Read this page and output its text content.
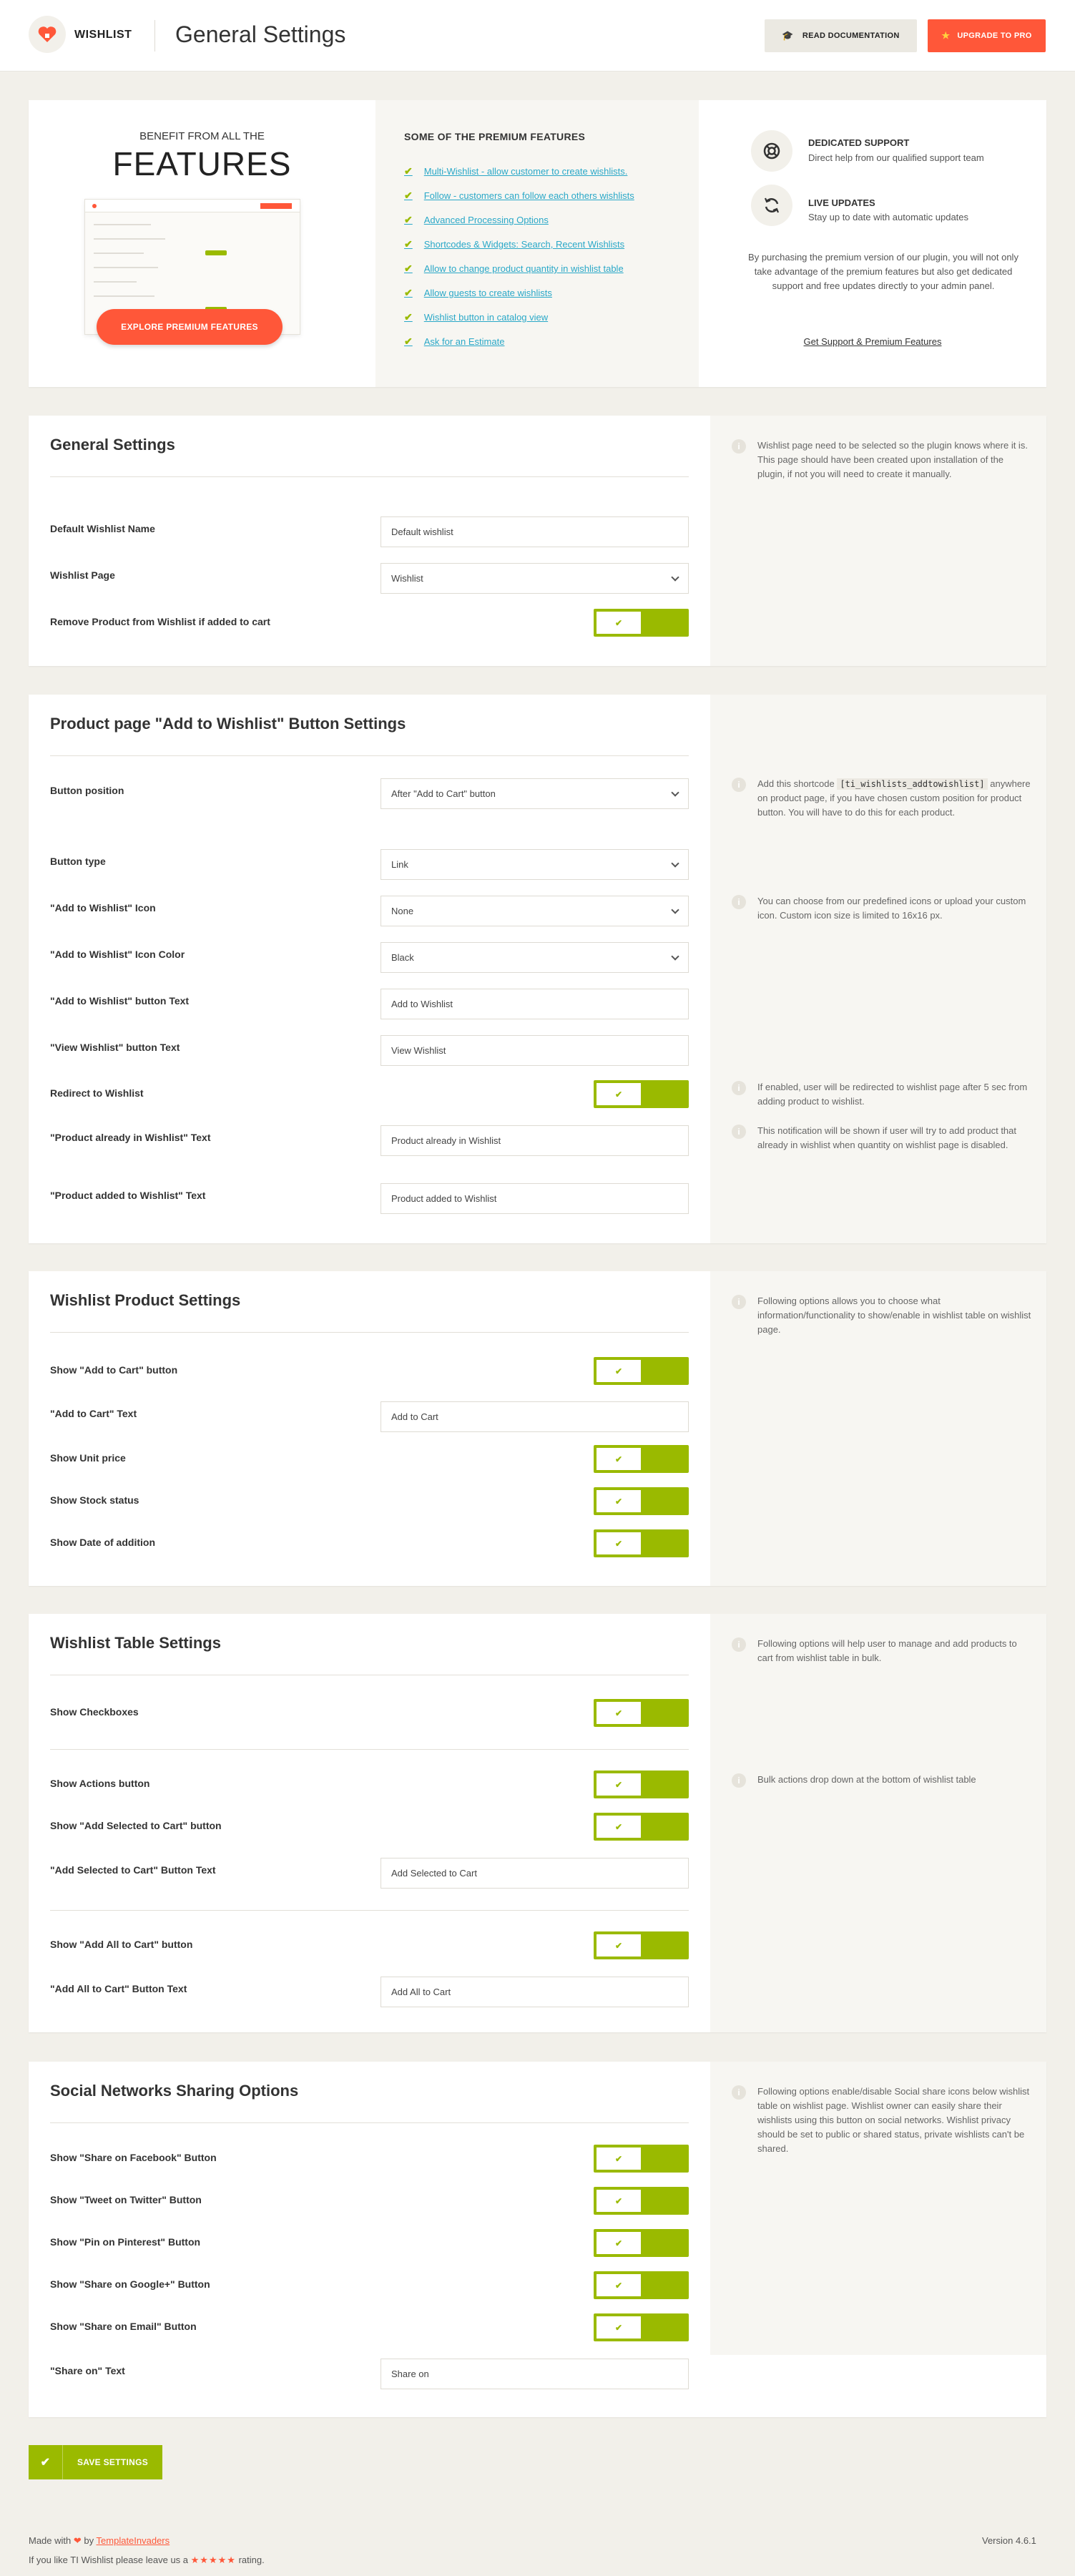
WISHLIST General Settings	🎓 READ DOCUMENTATION	★ UPGRADE TO PRO
BENEFIT FROM ALL THE
FEATURES
EXPLORE PREMIUM FEATURES
SOME OF THE PREMIUM FEATURES
✔ Multi-Wishlist - allow customer to create wishlists.
✔ Follow - customers can follow each others wishlists
✔ Advanced Processing Options
✔ Shortcodes & Widgets: Search, Recent Wishlists
✔ Allow to change product quantity in wishlist table
✔ Allow guests to create wishlists
✔ Wishlist button in catalog view
✔ Ask for an Estimate
DEDICATED SUPPORT
Direct help from our qualified support team
LIVE UPDATES
Stay up to date with automatic updates
By purchasing the premium version of our plugin, you will not only take advantage of the premium features but also get dedicated support and free updates directly to your admin panel.
Get Support & Premium Features
General Settings
Default Wishlist Name	Default wishlist
Wishlist Page	Wishlist
Remove Product from Wishlist if added to cart	✔
i	Wishlist page need to be selected so the plugin knows where it is. This page should have been created upon installation of the plugin, if not you will need to create it manually.
Product page "Add to Wishlist" Button Settings
Button position	After "Add to Cart" button
Button type	Link
"Add to Wishlist" Icon	None
"Add to Wishlist" Icon Color	Black
"Add to Wishlist" button Text	Add to Wishlist
"View Wishlist" button Text	View Wishlist
Redirect to Wishlist	✔
"Product already in Wishlist" Text	Product already in Wishlist
"Product added to Wishlist" Text	Product added to Wishlist
i	Add this shortcode [ti_wishlists_addtowishlist] anywhere on product page, if you have chosen custom position for product button. You will have to do this for each product.
i	You can choose from our predefined icons or upload your custom icon. Custom icon size is limited to 16x16 px.
i	If enabled, user will be redirected to wishlist page after 5 sec from adding product to wishlist.
i	This notification will be shown if user will try to add product that already in wishlist when quantity on wishlist page is disabled.
Wishlist Product Settings
Show "Add to Cart" button	✔
"Add to Cart" Text	Add to Cart
Show Unit price	✔
Show Stock status	✔
Show Date of addition	✔
i	Following options allows you to choose what information/functionality to show/enable in wishlist table on wishlist page.
Wishlist Table Settings
Show Checkboxes	✔
Show Actions button	✔
Show "Add Selected to Cart" button	✔
"Add Selected to Cart" Button Text	Add Selected to Cart
Show "Add All to Cart" button	✔
"Add All to Cart" Button Text	Add All to Cart
i	Following options will help user to manage and add products to cart from wishlist table in bulk.
i	Bulk actions drop down at the bottom of wishlist table
Social Networks Sharing Options
Show "Share on Facebook" Button	✔
Show "Tweet on Twitter" Button	✔
Show "Pin on Pinterest" Button	✔
Show "Share on Google+" Button	✔
Show "Share on Email" Button	✔
"Share on" Text	Share on
i	Following options enable/disable Social share icons below wishlist table on wishlist page. Wishlist owner can easily share their wishlists using this button on social networks. Wishlist privacy should be set to public or shared status, private wishlists can't be shared.
✔	SAVE SETTINGS
Made with ❤ by TemplateInvaders
If you like TI Wishlist please leave us a ★★★★★ rating.
Version 4.6.1
